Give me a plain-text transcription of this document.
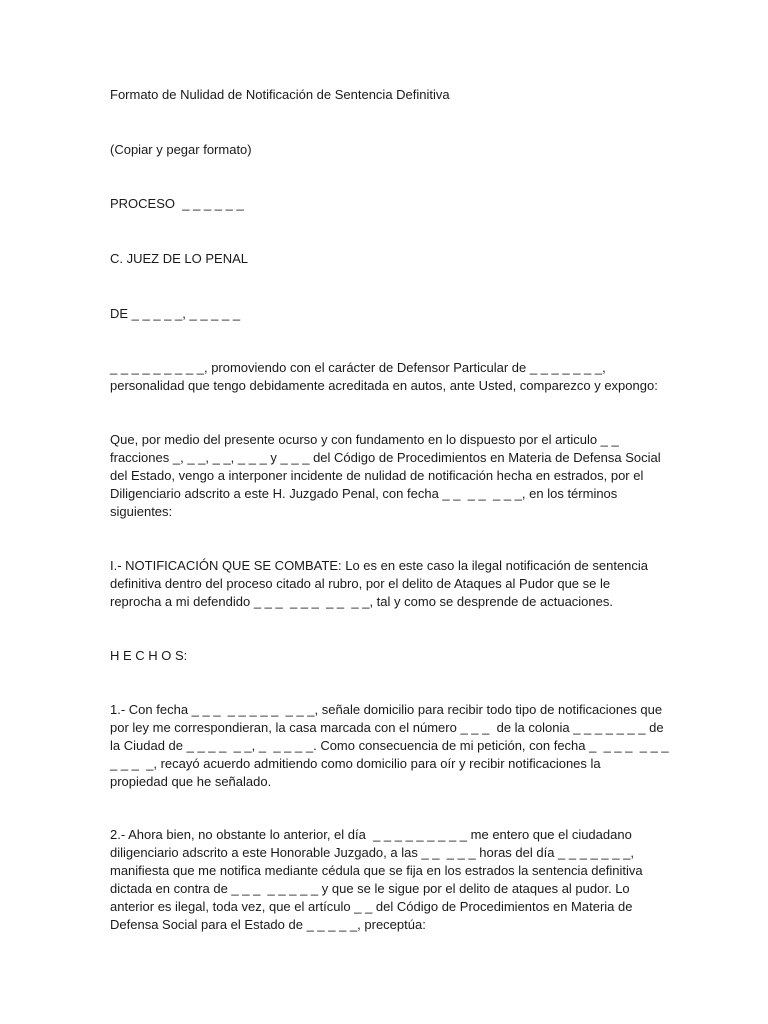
Formato de Nulidad de Notificación de Sentencia Definitiva

(Copiar y pegar formato)

PROCESO  _ _ _ _ _ _

C. JUEZ DE LO PENAL

DE _ _ _ _ _, _ _ _ _ _

_ _ _ _ _ _ _ _ _, promoviendo con el carácter de Defensor Particular de _ _ _ _ _ _ _,
personalidad que tengo debidamente acreditada en autos, ante Usted, comparezco y expongo:

Que, por medio del presente ocurso y con fundamento en lo dispuesto por el articulo _ _
fracciones _, _ _, _ _, _ _ _ y _ _ _ del Código de Procedimientos en Materia de Defensa Social
del Estado, vengo a interponer incidente de nulidad de notificación hecha en estrados, por el
Diligenciario adscrito a este H. Juzgado Penal, con fecha _ _  _ _  _ _ _, en los términos
siguientes:

I.- NOTIFICACIÓN QUE SE COMBATE: Lo es en este caso la ilegal notificación de sentencia
definitiva dentro del proceso citado al rubro, por el delito de Ataques al Pudor que se le
reprocha a mi defendido _ _ _  _ _ _  _ _  _ _, tal y como se desprende de actuaciones.

H E C H O S:

1.- Con fecha _ _ _  _ _ _ _ _  _ _ _, señale domicilio para recibir todo tipo de notificaciones que
por ley me correspondieran, la casa marcada con el número _ _ _  de la colonia _ _ _ _ _ _ _ de
la Ciudad de _ _ _ _  _ _, _  _ _ _ _. Como consecuencia de mi petición, con fecha _  _ _ _  _ _ _
_ _ _  _, recayó acuerdo admitiendo como domicilio para oír y recibir notificaciones la
propiedad que he señalado.

2.- Ahora bien, no obstante lo anterior, el día  _ _ _ _ _ _ _ _ _ me entero que el ciudadano
diligenciario adscrito a este Honorable Juzgado, a las _ _  _ _ _ horas del día _ _ _ _ _ _ _,
manifiesta que me notifica mediante cédula que se fija en los estrados la sentencia definitiva
dictada en contra de _ _ _  _ _ _ _ _ y que se le sigue por el delito de ataques al pudor. Lo
anterior es ilegal, toda vez, que el artículo _ _ del Código de Procedimientos en Materia de
Defensa Social para el Estado de _ _ _ _ _, preceptúa:
